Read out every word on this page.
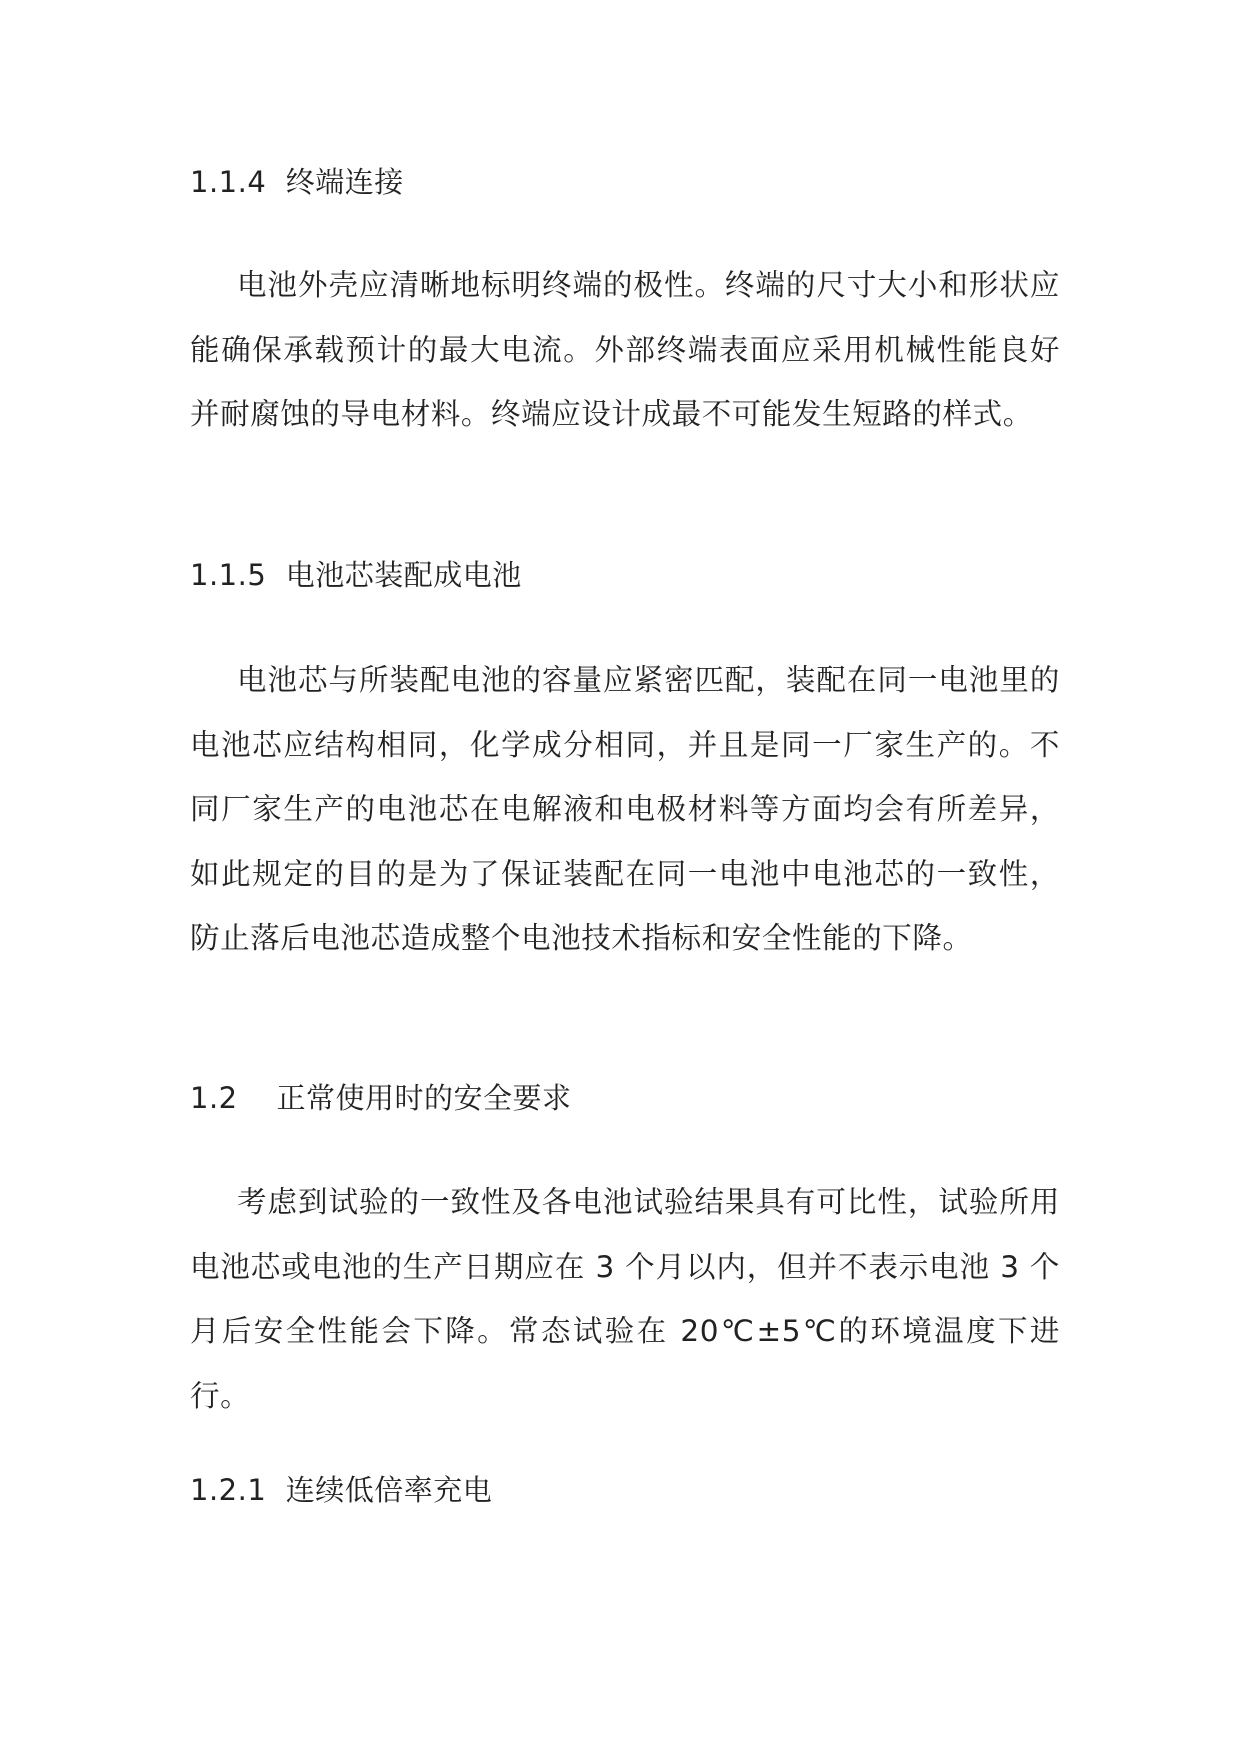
1.1.4 终端连接

电池外壳应清晰地标明终端的极性。终端的尺寸大小和形状应能确保承载预计的最大电流。外部终端表面应采用机械性能良好并耐腐蚀的导电材料。终端应设计成最不可能发生短路的样式。

1.1.5 电池芯装配成电池

电池芯与所装配电池的容量应紧密匹配，装配在同一电池里的电池芯应结构相同，化学成分相同，并且是同一厂家生产的。不同厂家生产的电池芯在电解液和电极材料等方面均会有所差异，如此规定的目的是为了保证装配在同一电池中电池芯的一致性，防止落后电池芯造成整个电池技术指标和安全性能的下降。

1.2 正常使用时的安全要求

考虑到试验的一致性及各电池试验结果具有可比性，试验所用电池芯或电池的生产日期应在 3 个月以内，但并不表示电池 3 个月后安全性能会下降。常态试验在 20℃±5℃的环境温度下进行。

1.2.1 连续低倍率充电
